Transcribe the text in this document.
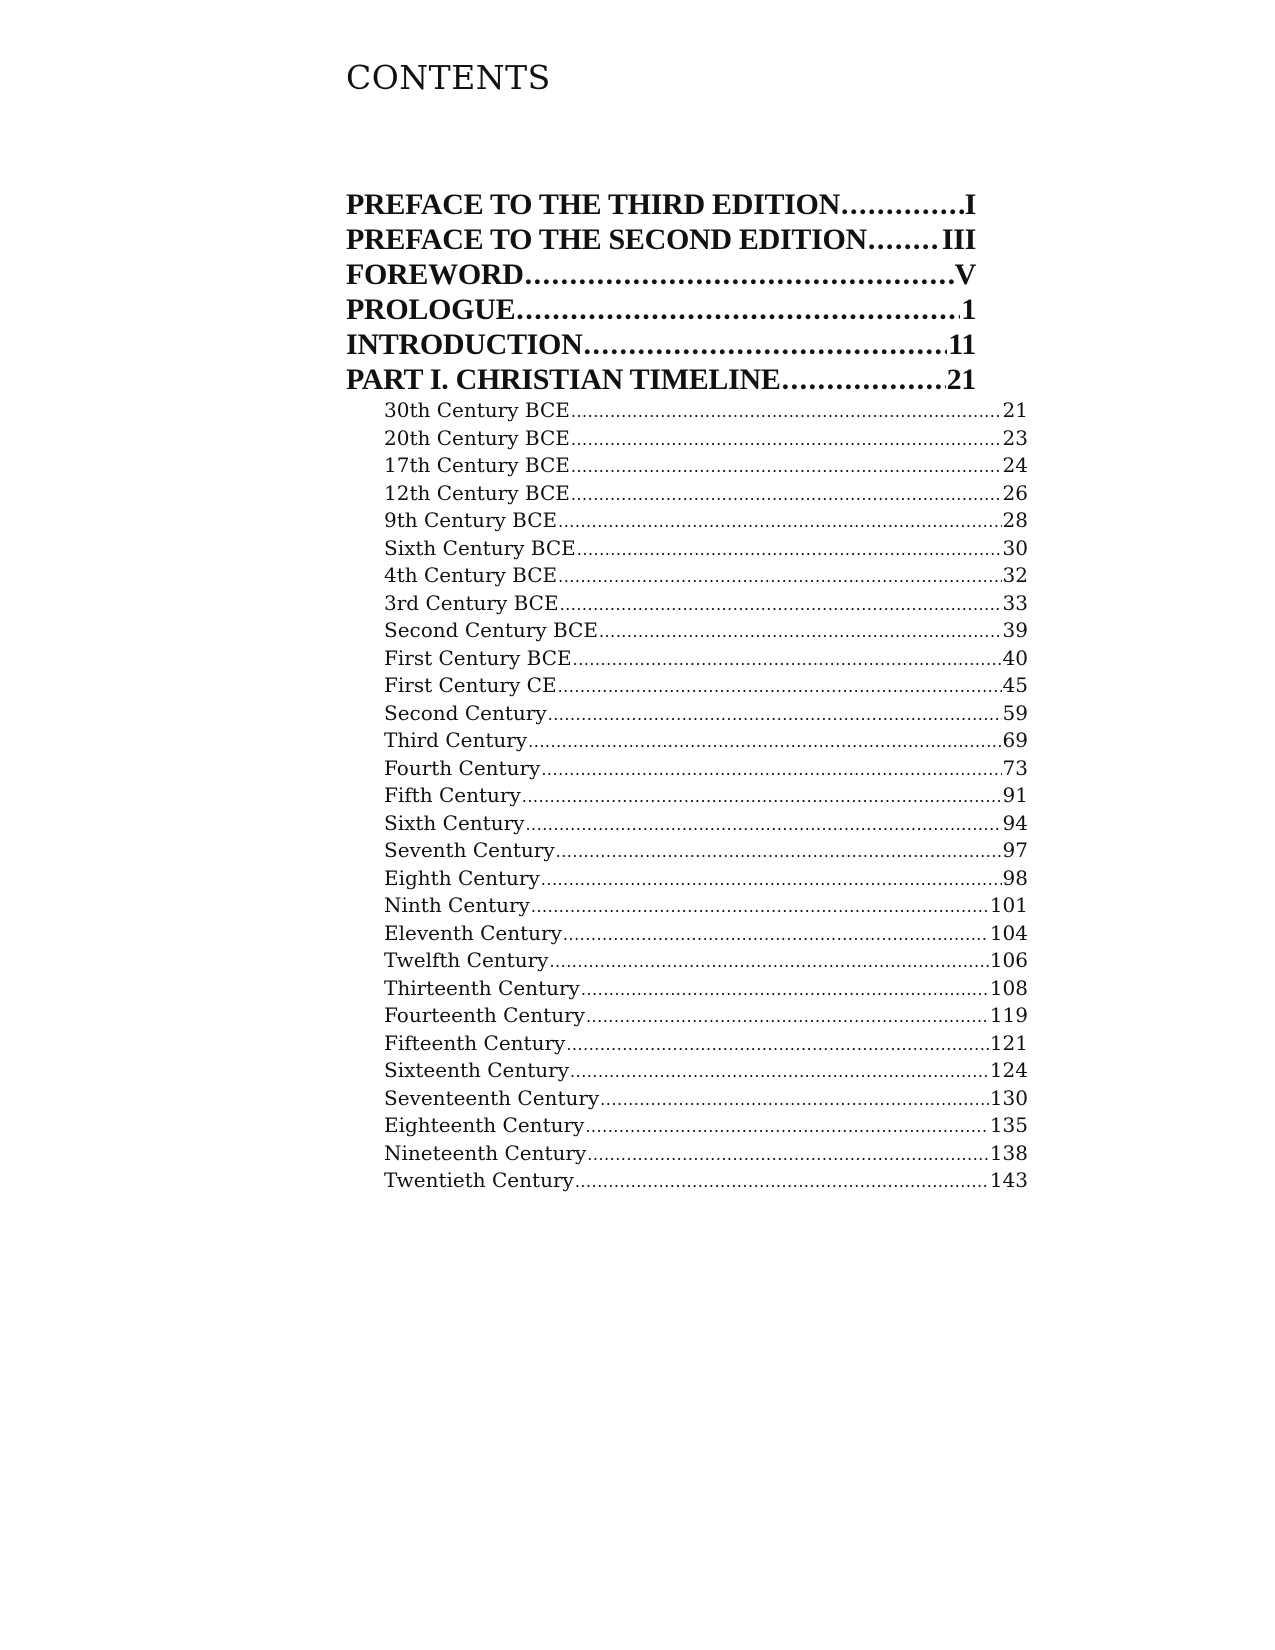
CONTENTS
PREFACE TO THE THIRD EDITION .....	I
PREFACE TO THE SECOND EDITION .....	III
FOREWORD .....	V
PROLOGUE .....	1
INTRODUCTION .....	11
PART I. CHRISTIAN TIMELINE .....	21
30th Century BCE .....	21
20th Century BCE .....	23
17th Century BCE .....	24
12th Century BCE .....	26
9th Century BCE .....	28
Sixth Century BCE .....	30
4th Century BCE .....	32
3rd Century BCE .....	33
Second Century BCE .....	39
First Century BCE .....	40
First Century CE .....	45
Second Century .....	59
Third Century .....	69
Fourth Century .....	73
Fifth Century .....	91
Sixth Century .....	94
Seventh Century .....	97
Eighth Century .....	98
Ninth Century .....	101
Eleventh Century .....	104
Twelfth Century .....	106
Thirteenth Century .....	108
Fourteenth Century .....	119
Fifteenth Century .....	121
Sixteenth Century .....	124
Seventeenth Century .....	130
Eighteenth Century .....	135
Nineteenth Century .....	138
Twentieth Century .....	143
